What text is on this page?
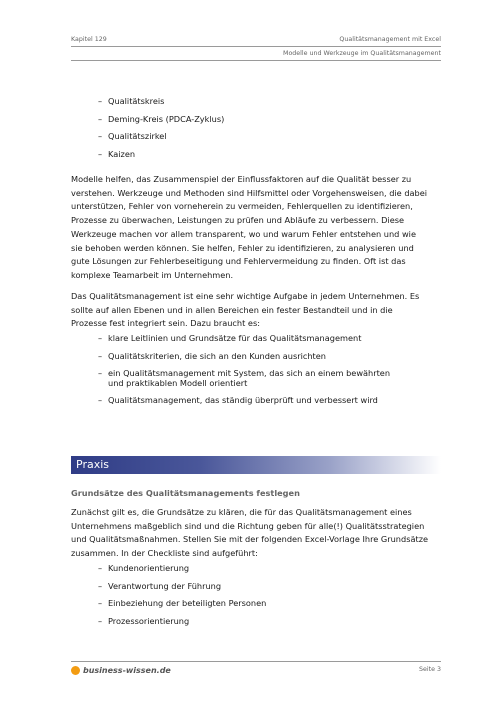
Kapitel 129	Qualitätsmanagement mit Excel
Modelle und Werkzeuge im Qualitätsmanagement
– Qualitätskreis
– Deming-Kreis (PDCA-Zyklus)
– Qualitätszirkel
– Kaizen
Modelle helfen, das Zusammenspiel der Einflussfaktoren auf die Qualität besser zu
verstehen. Werkzeuge und Methoden sind Hilfsmittel oder Vorgehensweisen, die dabei
unterstützen, Fehler von vorneherein zu vermeiden, Fehlerquellen zu identifizieren,
Prozesse zu überwachen, Leistungen zu prüfen und Abläufe zu verbessern. Diese
Werkzeuge machen vor allem transparent, wo und warum Fehler entstehen und wie
sie behoben werden können. Sie helfen, Fehler zu identifizieren, zu analysieren und
gute Lösungen zur Fehlerbeseitigung und Fehlervermeidung zu finden. Oft ist das
komplexe Teamarbeit im Unternehmen.
Das Qualitätsmanagement ist eine sehr wichtige Aufgabe in jedem Unternehmen. Es
sollte auf allen Ebenen und in allen Bereichen ein fester Bestandteil und in die
Prozesse fest integriert sein. Dazu braucht es:
– klare Leitlinien und Grundsätze für das Qualitätsmanagement
– Qualitätskriterien, die sich an den Kunden ausrichten
– ein Qualitätsmanagement mit System, das sich an einem bewährten
und praktikablen Modell orientiert
– Qualitätsmanagement, das ständig überprüft und verbessert wird
Praxis
Grundsätze des Qualitätsmanagements festlegen
Zunächst gilt es, die Grundsätze zu klären, die für das Qualitätsmanagement eines
Unternehmens maßgeblich sind und die Richtung geben für alle(!) Qualitätsstrategien
und Qualitätsmaßnahmen. Stellen Sie mit der folgenden Excel-Vorlage Ihre Grundsätze
zusammen. In der Checkliste sind aufgeführt:
– Kundenorientierung
– Verantwortung der Führung
– Einbeziehung der beteiligten Personen
– Prozessorientierung
business-wissen.de	Seite 3
